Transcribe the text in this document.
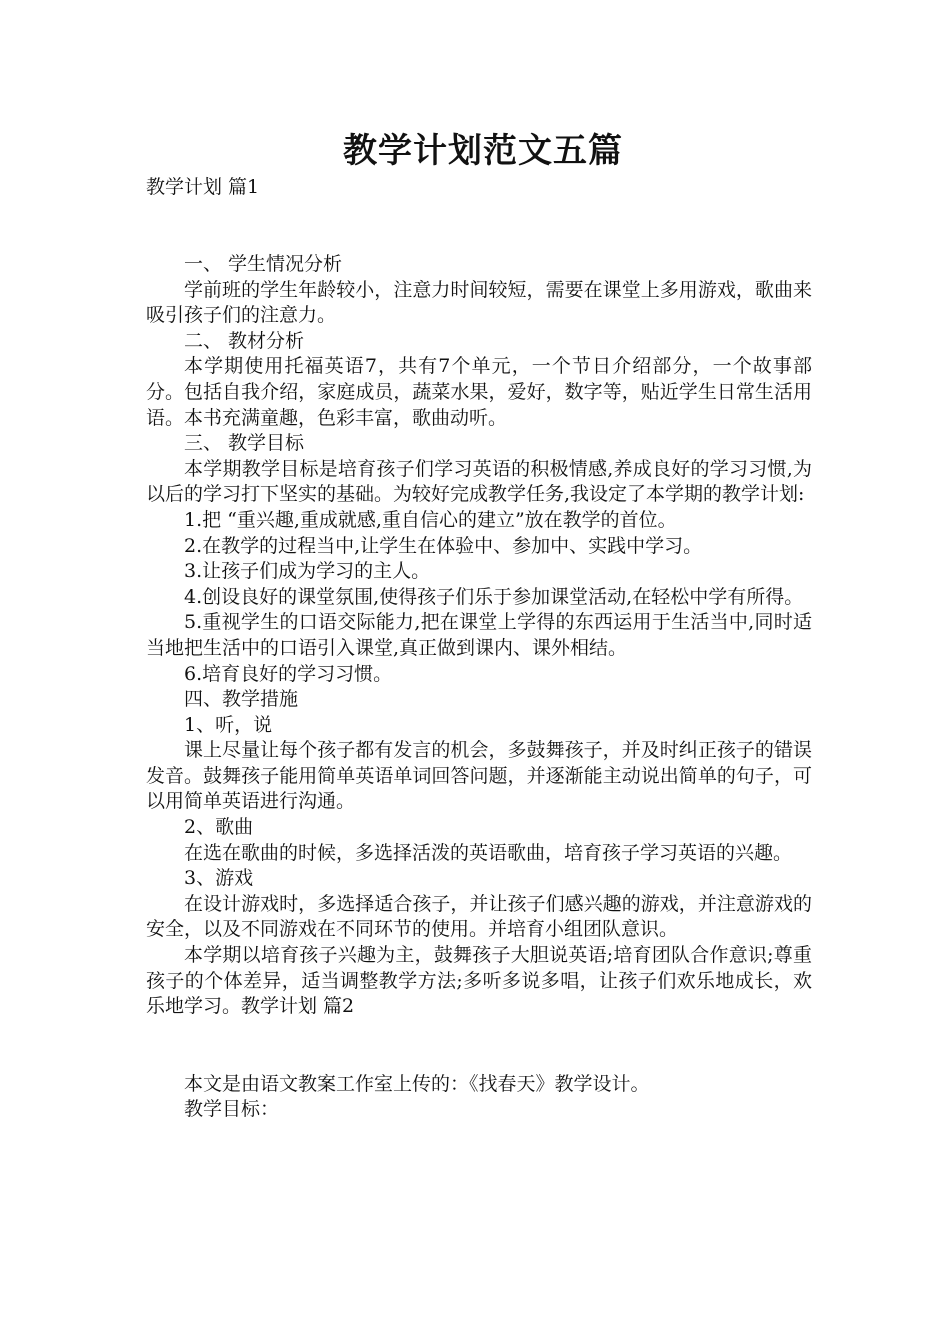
教学计划范文五篇

教学计划 篇1

一、 学生情况分析

学前班的学生年龄较小，注意力时间较短，需要在课堂上多用游戏，歌曲来吸引孩子们的注意力。

二、 教材分析

本学期使用托福英语7，共有7个单元，一个节日介绍部分，一个故事部分。包括自我介绍，家庭成员，蔬菜水果，爱好，数字等，贴近学生日常生活用语。本书充满童趣，色彩丰富，歌曲动听。

三、 教学目标

本学期教学目标是培育孩子们学习英语的积极情感,养成良好的学习习惯,为以后的学习打下坚实的基础。为较好完成教学任务,我设定了本学期的教学计划:

1.把 “重兴趣,重成就感,重自信心的建立”放在教学的首位。

2.在教学的过程当中,让学生在体验中、参加中、实践中学习。

3.让孩子们成为学习的主人。

4.创设良好的课堂氛围,使得孩子们乐于参加课堂活动,在轻松中学有所得。

5.重视学生的口语交际能力,把在课堂上学得的东西运用于生活当中,同时适当地把生活中的口语引入课堂,真正做到课内、课外相结。

6.培育良好的学习习惯。

四、教学措施

1、听，说

课上尽量让每个孩子都有发言的机会，多鼓舞孩子，并及时纠正孩子的错误发音。鼓舞孩子能用简单英语单词回答问题，并逐渐能主动说出简单的句子，可以用简单英语进行沟通。

2、歌曲

在选在歌曲的时候，多选择活泼的英语歌曲，培育孩子学习英语的兴趣。

3、游戏

在设计游戏时，多选择适合孩子，并让孩子们感兴趣的游戏，并注意游戏的安全，以及不同游戏在不同环节的使用。并培育小组团队意识。

本学期以培育孩子兴趣为主，鼓舞孩子大胆说英语;培育团队合作意识;尊重孩子的个体差异，适当调整教学方法;多听多说多唱，让孩子们欢乐地成长，欢乐地学习。教学计划 篇2

本文是由语文教案工作室上传的：《找春天》教学设计。

教学目标：
